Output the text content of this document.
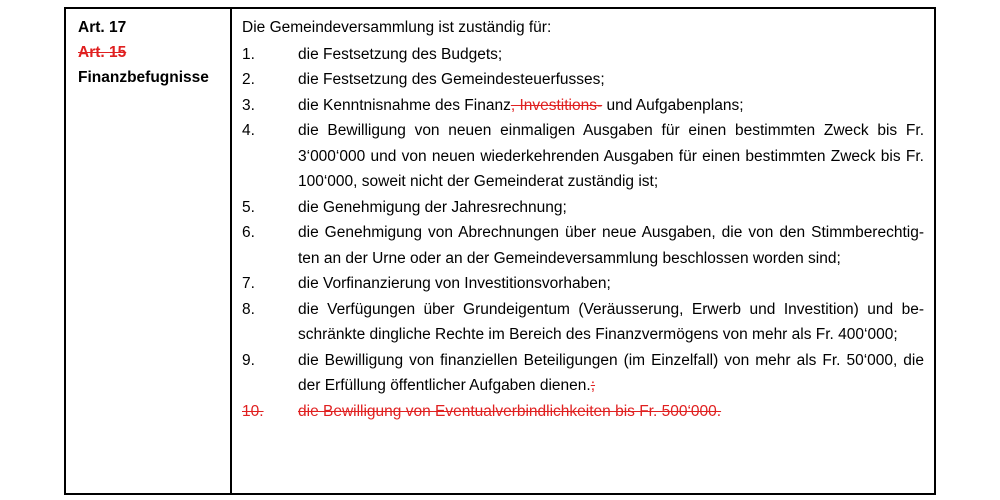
Art. 17
Art. 15
Finanzbefugnisse
Die Gemeindeversammlung ist zuständig für:
1.	die Festsetzung des Budgets;
2.	die Festsetzung des Gemeindesteuerfusses;
3.	die Kenntnisnahme des Finanz, Investitions- und Aufgabenplans;
4.	die Bewilligung von neuen einmaligen Ausgaben für einen bestimmten Zweck bis Fr. 3‘000‘000 und von neuen wiederkehrenden Ausgaben für einen bestimmten Zweck bis Fr. 100‘000, soweit nicht der Gemeinderat zuständig ist;
5.	die Genehmigung der Jahresrechnung;
6.	die Genehmigung von Abrechnungen über neue Ausgaben, die von den Stimmberechtig-ten an der Urne oder an der Gemeindeversammlung beschlossen worden sind;
7.	die Vorfinanzierung von Investitionsvorhaben;
8.	die Verfügungen über Grundeigentum (Veräusserung, Erwerb und Investition) und be-schränkte dingliche Rechte im Bereich des Finanzvermögens von mehr als Fr. 400‘000;
9.	die Bewilligung von finanziellen Beteiligungen (im Einzelfall) von mehr als Fr. 50‘000, die der Erfüllung öffentlicher Aufgaben dienen.;
10.	die Bewilligung von Eventualverbindlichkeiten bis Fr. 500‘000.
